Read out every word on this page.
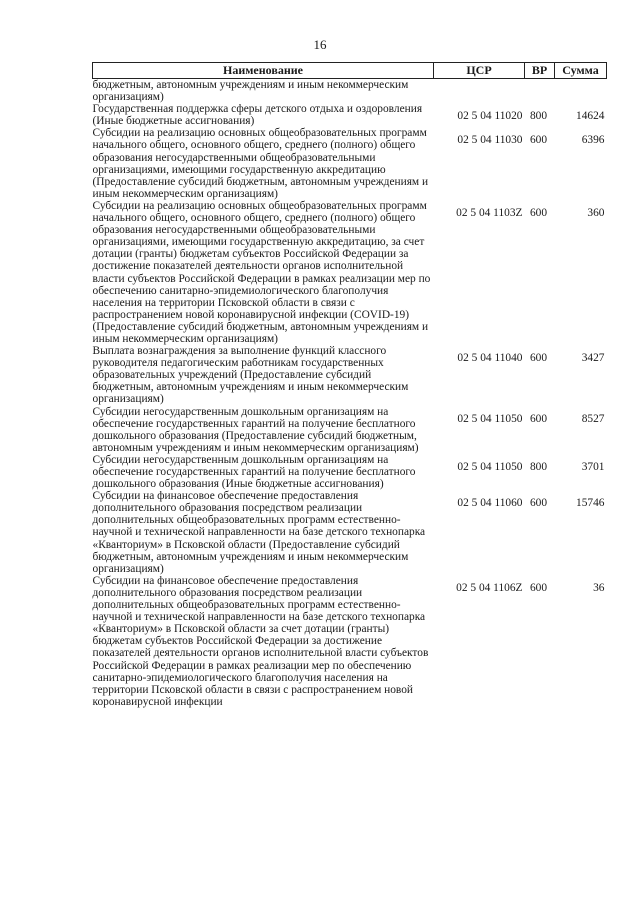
16
Наименование	ЦСР	ВР	Сумма
бюджетным, автономным учреждениям и иным некоммерческим организациям)			
Государственная поддержка сферы детского отдыха и оздоровления (Иные бюджетные ассигнования)	02 5 04 11020	800	14624
Субсидии на реализацию основных общеобразовательных программ начального общего, основного общего, среднего (полного) общего образования негосударственными общеобразовательными организациями, имеющими государственную аккредитацию (Предоставление субсидий бюджетным, автономным учреждениям и иным некоммерческим организациям)	02 5 04 11030	600	6396
Субсидии на реализацию основных общеобразовательных программ начального общего, основного общего, среднего (полного) общего образования негосударственными общеобразовательными организациями, имеющими государственную аккредитацию, за счет дотации (гранты) бюджетам субъектов Российской Федерации за достижение показателей деятельности органов исполнительной власти субъектов Российской Федерации в рамках реализации мер по обеспечению санитарно-эпидемиологического благополучия населения на территории Псковской области в связи с распространением новой коронавирусной инфекции (COVID-19) (Предоставление субсидий бюджетным, автономным учреждениям и иным некоммерческим организациям)	02 5 04 1103Z	600	360
Выплата вознаграждения за выполнение функций классного руководителя педагогическим работникам государственных образовательных учреждений (Предоставление субсидий бюджетным, автономным учреждениям и иным некоммерческим организациям)	02 5 04 11040	600	3427
Субсидии негосударственным дошкольным организациям на обеспечение государственных гарантий на получение бесплатного дошкольного образования (Предоставление субсидий бюджетным, автономным учреждениям и иным некоммерческим организациям)	02 5 04 11050	600	8527
Субсидии негосударственным дошкольным организациям на обеспечение государственных гарантий на получение бесплатного дошкольного образования (Иные бюджетные ассигнования)	02 5 04 11050	800	3701
Субсидии на финансовое обеспечение предоставления дополнительного образования посредством реализации дополнительных общеобразовательных программ естественно-научной и технической направленности на базе детского технопарка «Кванториум» в Псковской области (Предоставление субсидий бюджетным, автономным учреждениям и иным некоммерческим организациям)	02 5 04 11060	600	15746
Субсидии на финансовое обеспечение предоставления дополнительного образования посредством реализации дополнительных общеобразовательных программ естественно-научной и технической направленности на базе детского технопарка «Кванториум» в Псковской области за счет дотации (гранты) бюджетам субъектов Российской Федерации за достижение показателей деятельности органов исполнительной власти субъектов Российской Федерации в рамках реализации мер по обеспечению санитарно-эпидемиологического благополучия населения на территории Псковской области в связи с распространением новой коронавирусной инфекции	02 5 04 1106Z	600	36
